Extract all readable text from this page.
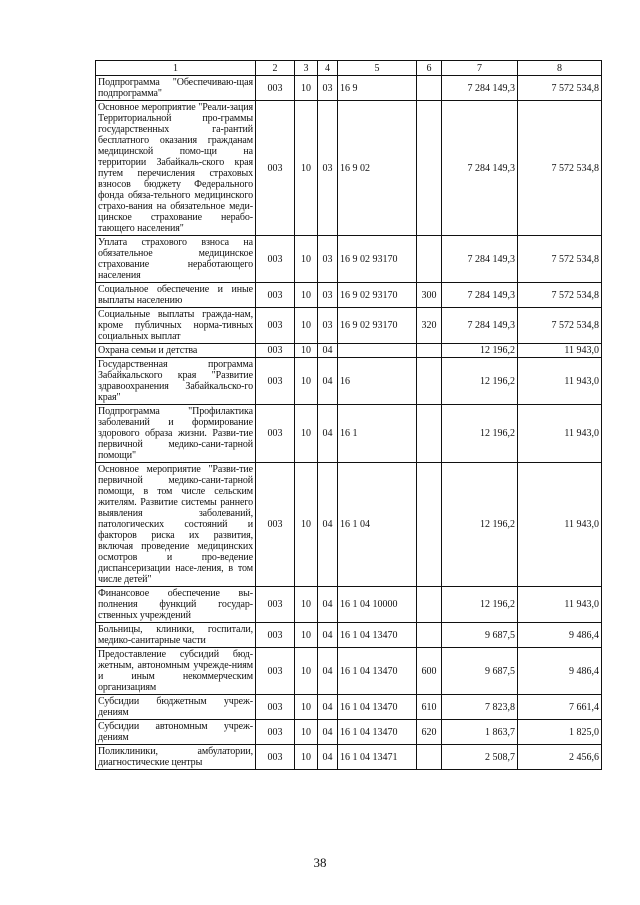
1	2	3	4	5	6	7	8
Подпрограмма "Обеспечиваю-щая подпрограмма"	003	10	03	16 9		7 284 149,3	7 572 534,8
Основное мероприятие "Реали-зация Территориальной про-граммы государственных га-рантий бесплатного оказания гражданам медицинской помо-щи на территории Забайкаль-ского края путем перечисления страховых взносов бюджету Федерального фонда обяза-тельного медицинского страхо-вания на обязательное меди-цинское страхование нерабо-тающего населения"	003	10	03	16 9 02		7 284 149,3	7 572 534,8
Уплата страхового взноса на обязательное медицинское страхование неработающего населения	003	10	03	16 9 02 93170		7 284 149,3	7 572 534,8
Социальное обеспечение и иные выплаты населению	003	10	03	16 9 02 93170	300	7 284 149,3	7 572 534,8
Социальные выплаты гражда-нам, кроме публичных норма-тивных социальных выплат	003	10	03	16 9 02 93170	320	7 284 149,3	7 572 534,8
Охрана семьи и детства	003	10	04			12 196,2	11 943,0
Государственная программа Забайкальского края "Развитие здравоохранения Забайкальско-го края"	003	10	04	16		12 196,2	11 943,0
Подпрограмма "Профилактика заболеваний и формирование здорового образа жизни. Разви-тие первичной медико-сани-тарной помощи"	003	10	04	16 1		12 196,2	11 943,0
Основное мероприятие "Разви-тие первичной медико-сани-тарной помощи, в том числе сельским жителям. Развитие системы раннего выявления заболеваний, патологических состояний и факторов риска их развития, включая проведение медицинских осмотров и про-ведение диспансеризации насе-ления, в том числе детей"	003	10	04	16 1 04		12 196,2	11 943,0
Финансовое обеспечение вы-полнения функций государ-ственных учреждений	003	10	04	16 1 04 10000		12 196,2	11 943,0
Больницы, клиники, госпитали, медико-санитарные части	003	10	04	16 1 04 13470		9 687,5	9 486,4
Предоставление субсидий бюд-жетным, автономным учрежде-ниям и иным некоммерческим организациям	003	10	04	16 1 04 13470	600	9 687,5	9 486,4
Субсидии бюджетным учреж-дениям	003	10	04	16 1 04 13470	610	7 823,8	7 661,4
Субсидии автономным учреж-дениям	003	10	04	16 1 04 13470	620	1 863,7	1 825,0
Поликлиники, амбулатории, диагностические центры	003	10	04	16 1 04 13471		2 508,7	2 456,6
38
